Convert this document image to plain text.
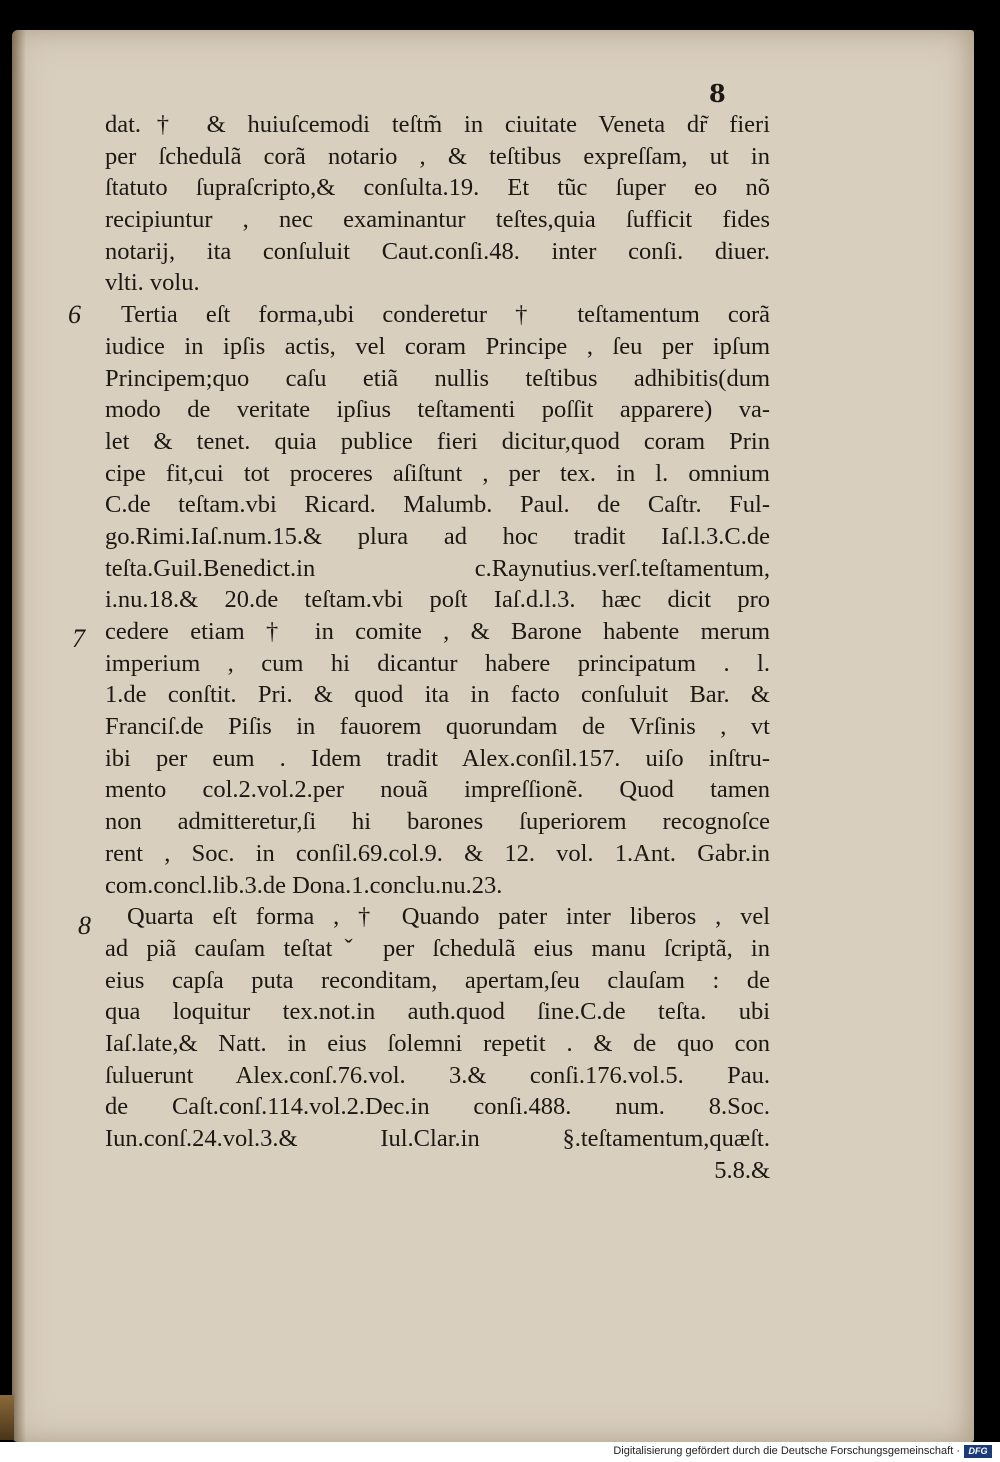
8
6
7
8
dat.† & huiuſcemodi teſtm̃ in ciuitate Veneta dr̃ fieri
per ſchedulã corã notario , & teſtibus expreſſam, ut in
ſtatuto ſupraſcripto,& conſulta.19. Et tũc ſuper eo nõ
recipiuntur , nec examinantur teſtes,quia ſufficit fides
notarij, ita conſuluit Caut.conſi.48. inter conſi. diuer.
vlti. volu.
Tertia eſt forma,ubi conderetur † teſtamentum corã
iudice in ipſis actis, vel coram Principe , ſeu per ipſum
Principem;quo caſu etiã nullis teſtibus adhibitis(dum
modo de veritate ipſius teſtamenti poſſit apparere) va-
let & tenet. quia publice fieri dicitur,quod coram Prin
cipe fit,cui tot proceres aſiſtunt , per tex. in l. omnium
C.de teſtam.vbi Ricard. Malumb. Paul. de Caſtr. Ful-
go.Rimi.Iaſ.num.15.& plura ad hoc tradit Iaſ.l.3.C.de
teſta.Guil.Benedict.in c.Raynutius.verſ.teſtamentum,
i.nu.18.& 20.de teſtam.vbi poſt Iaſ.d.l.3. hæc dicit pro
cedere etiam † in comite , & Barone habente merum
imperium , cum hi dicantur habere principatum . l.
1.de conſtit. Pri. & quod ita in facto conſuluit Bar. &
Franciſ.de Piſis in fauorem quorundam de Vrſinis , vt
ibi per eum . Idem tradit Alex.conſil.157. uiſo inſtru-
mento col.2.vol.2.per nouã impreſſionẽ. Quod tamen
non admitteretur,ſi hi barones ſuperiorem recognoſce
rent , Soc. in conſil.69.col.9. & 12. vol. 1.Ant. Gabr.in
com.concl.lib.3.de Dona.1.conclu.nu.23.
Quarta eſt forma , † Quando pater inter liberos , vel
ad piã cauſam teſtatˇ per ſchedulã eius manu ſcriptã, in
eius capſa puta reconditam, apertam,ſeu clauſam : de
qua loquitur tex.not.in auth.quod ſine.C.de teſta. ubi
Iaſ.late,& Natt. in eius ſolemni repetit . & de quo con
ſuluerunt Alex.conſ.76.vol. 3.& conſi.176.vol.5. Pau.
de Caſt.conſ.114.vol.2.Dec.in conſi.488. num. 8.Soc.
Iun.conſ.24.vol.3.& Iul.Clar.in §.teſtamentum,quæſt.
5.8.&
Digitalisierung gefördert durch die Deutsche Forschungsgemeinschaft · DFG
